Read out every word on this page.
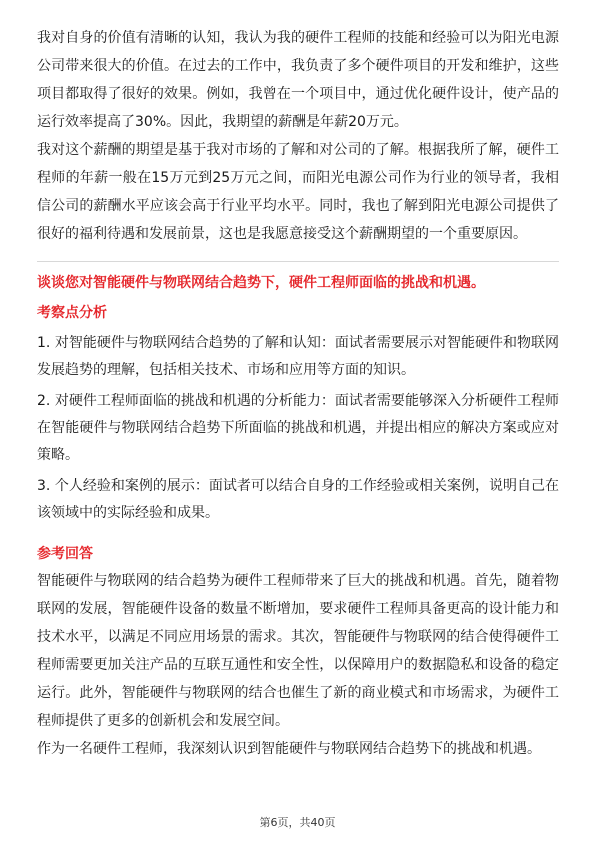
我对自身的价值有清晰的认知，我认为我的硬件工程师的技能和经验可以为阳光电源公司带来很大的价值。在过去的工作中，我负责了多个硬件项目的开发和维护，这些项目都取得了很好的效果。例如，我曾在一个项目中，通过优化硬件设计，使产品的运行效率提高了30%。因此，我期望的薪酬是年薪20万元。

我对这个薪酬的期望是基于我对市场的了解和对公司的了解。根据我所了解，硬件工程师的年薪一般在15万元到25万元之间，而阳光电源公司作为行业的领导者，我相信公司的薪酬水平应该会高于行业平均水平。同时，我也了解到阳光电源公司提供了很好的福利待遇和发展前景，这也是我愿意接受这个薪酬期望的一个重要原因。

谈谈您对智能硬件与物联网结合趋势下，硬件工程师面临的挑战和机遇。

考察点分析

1. 对智能硬件与物联网结合趋势的了解和认知：面试者需要展示对智能硬件和物联网发展趋势的理解，包括相关技术、市场和应用等方面的知识。

2. 对硬件工程师面临的挑战和机遇的分析能力：面试者需要能够深入分析硬件工程师在智能硬件与物联网结合趋势下所面临的挑战和机遇，并提出相应的解决方案或应对策略。

3. 个人经验和案例的展示：面试者可以结合自身的工作经验或相关案例，说明自己在该领域中的实际经验和成果。

参考回答

智能硬件与物联网的结合趋势为硬件工程师带来了巨大的挑战和机遇。首先，随着物联网的发展，智能硬件设备的数量不断增加，要求硬件工程师具备更高的设计能力和技术水平，以满足不同应用场景的需求。其次，智能硬件与物联网的结合使得硬件工程师需要更加关注产品的互联互通性和安全性，以保障用户的数据隐私和设备的稳定运行。此外，智能硬件与物联网的结合也催生了新的商业模式和市场需求，为硬件工程师提供了更多的创新机会和发展空间。

作为一名硬件工程师，我深刻认识到智能硬件与物联网结合趋势下的挑战和机遇。

第6页，共40页
